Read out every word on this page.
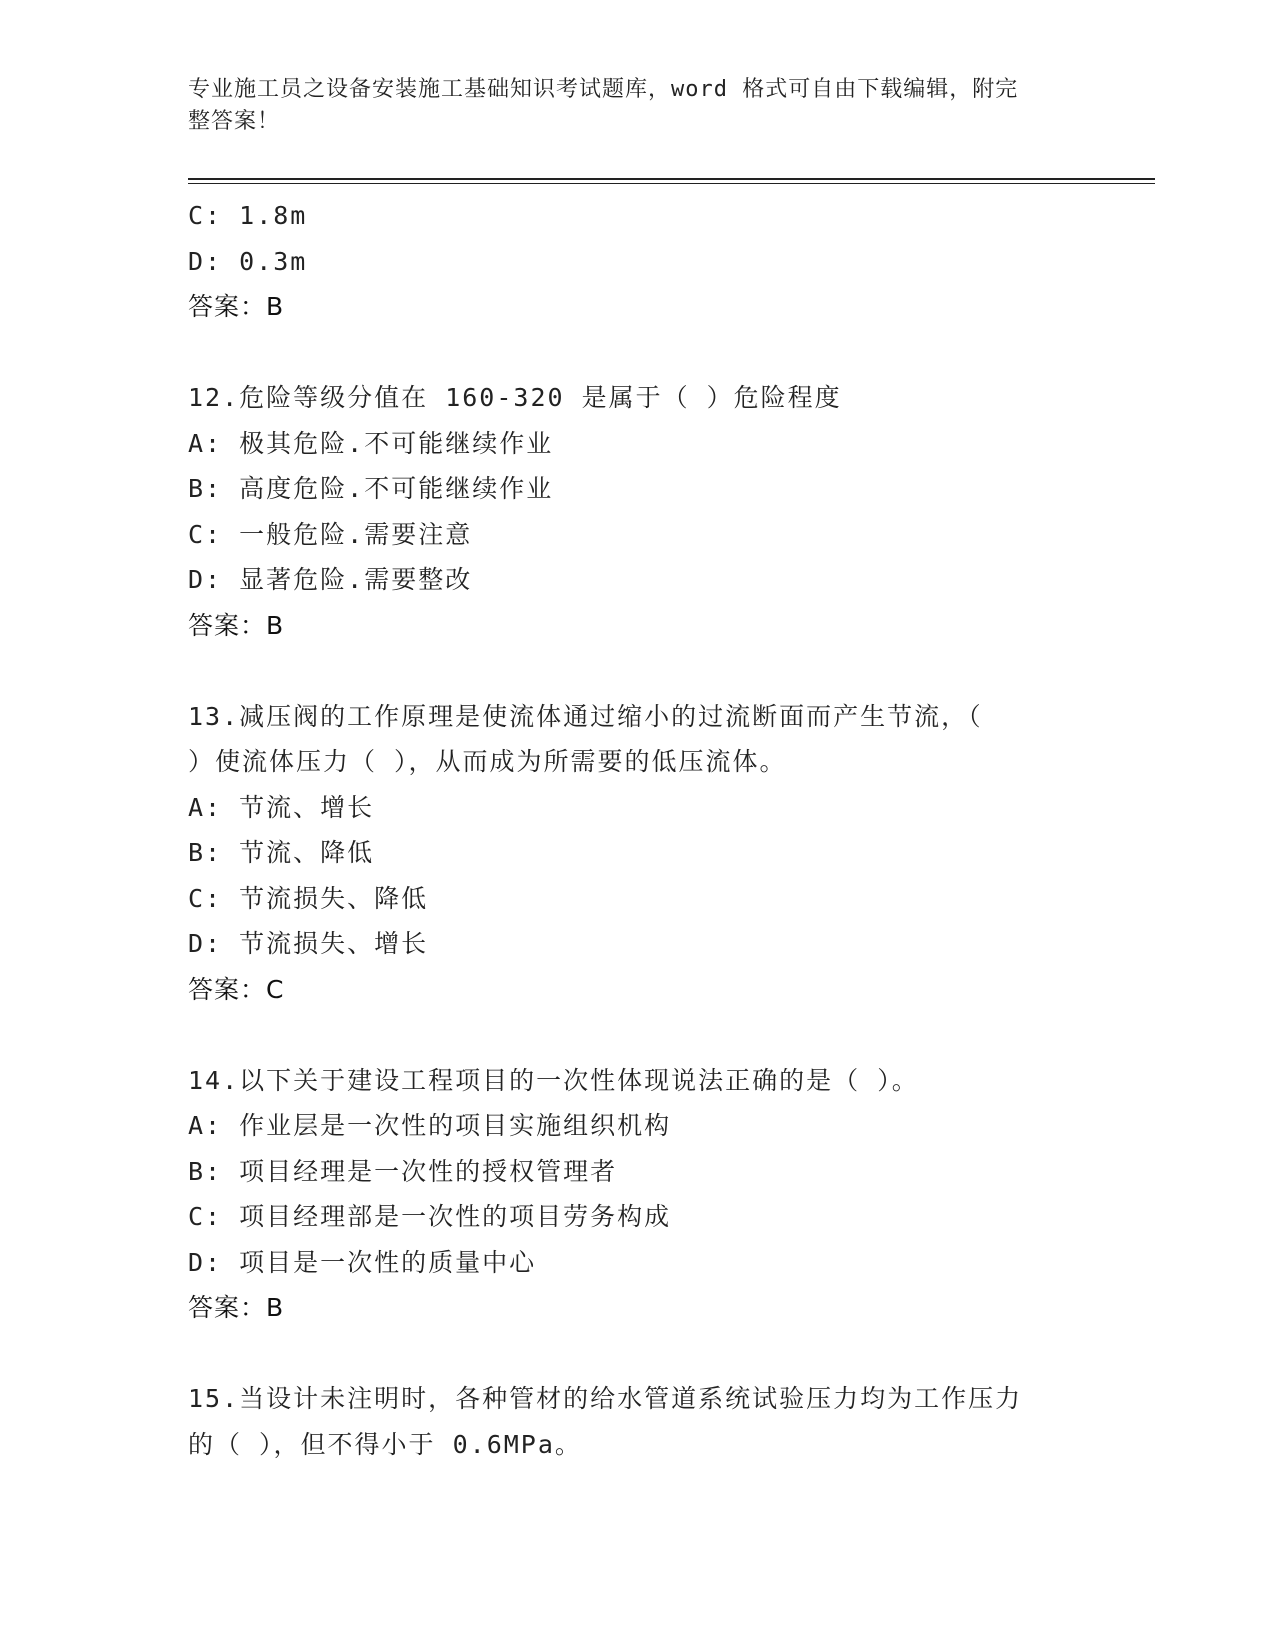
专业施工员之设备安装施工基础知识考试题库，word 格式可自由下载编辑，附完
整答案！
C: 1.8m
D: 0.3m
答案：B
12.危险等级分值在 160-320 是属于（ ）危险程度
A: 极其危险.不可能继续作业
B: 高度危险.不可能继续作业
C: 一般危险.需要注意
D: 显著危险.需要整改
答案：B
13.减压阀的工作原理是使流体通过缩小的过流断面而产生节流，（
）使流体压力（ ），从而成为所需要的低压流体。
A: 节流、增长
B: 节流、降低
C: 节流损失、降低
D: 节流损失、增长
答案：C
14.以下关于建设工程项目的一次性体现说法正确的是（ ）。
A: 作业层是一次性的项目实施组织机构
B: 项目经理是一次性的授权管理者
C: 项目经理部是一次性的项目劳务构成
D: 项目是一次性的质量中心
答案：B
15.当设计未注明时，各种管材的给水管道系统试验压力均为工作压力
的（ ），但不得小于 0.6MPa。
